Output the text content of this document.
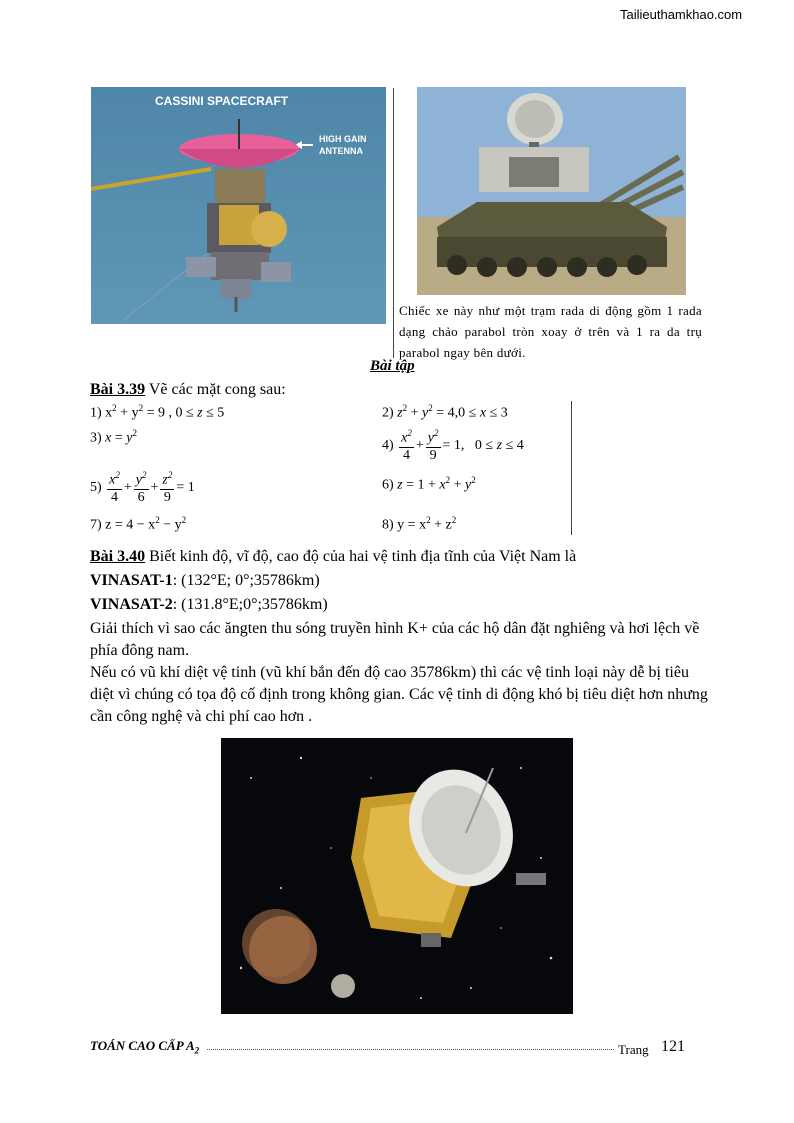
Tailieuthamkhao.com
CASSINI SPACECRAFT
HIGH GAIN
ANTENNA
Chiếc xe này như một trạm rada di động gồm 1 rada dạng chảo parabol tròn xoay ở trên và 1 ra da trụ parabol ngay bên dưới.
Bài tập
Bài 3.39 Vẽ các mặt cong sau:
1) $x^2 + y^2 = 9$ , 0 ≤ z ≤ 5	2) $z^2 + y^2 = 4,0 \le x \le 3$
3) $x = y^2$
$4) \frac{x^2}{4} + \frac{y^2}{9} = 1$,   0 ≤ z ≤ 4
$5) \frac{x^2}{4} + \frac{y^2}{6} + \frac{z^2}{9} = 1$	6) $z = 1 + x^2 + y^2$
7) $z = 4 - x^2 - y^2$	8) $y = x^2 + z^2$
Bài 3.40 Biết kinh độ, vĩ độ, cao độ của hai vệ tinh địa tĩnh của Việt Nam là
VINASAT-1: (132°E; 0°;35786km)
VINASAT-2: (131.8°E;0°;35786km)
Giải thích vì sao các ăngten thu sóng truyền hình K+ của các hộ dân đặt nghiêng và hơi lệch về phía đông nam.
Nếu có vũ khí diệt vệ tinh (vũ khí bắn đến độ cao 35786km) thì các vệ tinh loại này dễ bị tiêu diệt vì chúng có tọa độ cố định trong không gian. Các vệ tinh di động khó bị tiêu diệt hơn nhưng cần công nghệ và chi phí cao hơn .
TOÁN CAO CẤP $A_2$	Trang 121
